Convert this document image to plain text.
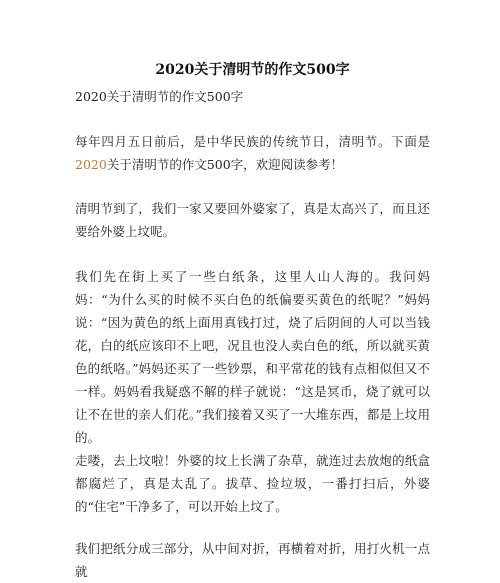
2020关于清明节的作文500字
2020关于清明节的作文500字
每年四月五日前后，是中华民族的传统节日，清明节。下面是2020关于清明节的作文500字，欢迎阅读参考！
清明节到了，我们一家又要回外婆家了，真是太高兴了，而且还要给外婆上坟呢。
我们先在街上买了一些白纸条，这里人山人海的。我问妈妈：“为什么买的时候不买白色的纸偏要买黄色的纸呢？”妈妈说：“因为黄色的纸上面用真钱打过，烧了后阴间的人可以当钱花，白的纸应该印不上吧，况且也没人卖白色的纸，所以就买黄色的纸咯。”妈妈还买了一些钞票，和平常花的钱有点相似但又不一样。妈妈看我疑惑不解的样子就说：“这是冥币，烧了就可以让不在世的亲人们花。”我们接着又买了一大堆东西，都是上坟用的。
走喽，去上坟啦！外婆的坟上长满了杂草，就连过去放炮的纸盒都腐烂了，真是太乱了。拔草、捡垃圾，一番打扫后，外婆的“住宅”干净多了，可以开始上坟了。
我们把纸分成三部分，从中间对折，再横着对折，用打火机一点就
